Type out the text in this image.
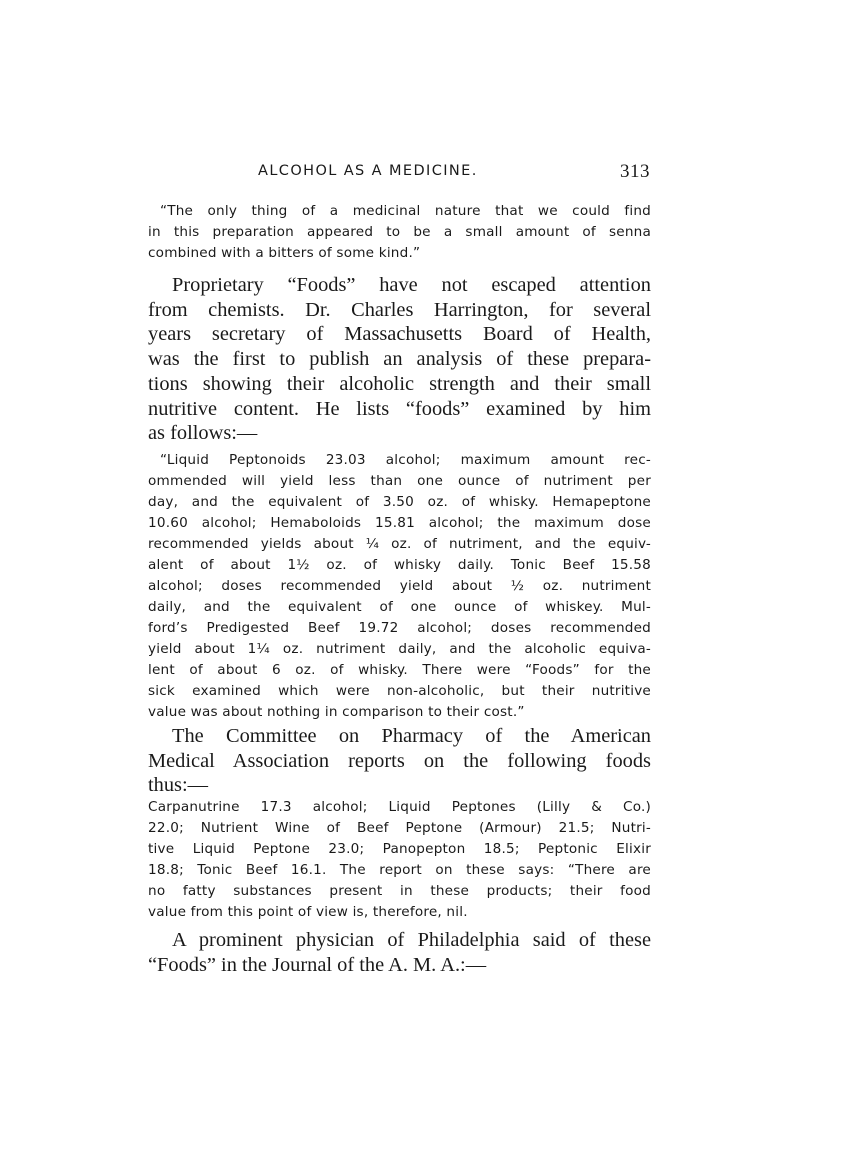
ALCOHOL AS A MEDICINE.	313

“The only thing of a medicinal nature that we could find
in this preparation appeared to be a small amount of senna
combined with a bitters of some kind.”

Proprietary “Foods” have not escaped attention
from chemists. Dr. Charles Harrington, for several
years secretary of Massachusetts Board of Health,
was the first to publish an analysis of these prepara-
tions showing their alcoholic strength and their small
nutritive content. He lists “foods” examined by him
as follows:—

“Liquid Peptonoids 23.03 alcohol; maximum amount rec-
ommended will yield less than one ounce of nutriment per
day, and the equivalent of 3.50 oz. of whisky. Hemapeptone
10.60 alcohol; Hemaboloids 15.81 alcohol; the maximum dose
recommended yields about ¼ oz. of nutriment, and the equiv-
alent of about 1½ oz. of whisky daily. Tonic Beef 15.58
alcohol; doses recommended yield about ½ oz. nutriment
daily, and the equivalent of one ounce of whiskey. Mul-
ford’s Predigested Beef 19.72 alcohol; doses recommended
yield about 1¼ oz. nutriment daily, and the alcoholic equiva-
lent of about 6 oz. of whisky. There were “Foods” for the
sick examined which were non-alcoholic, but their nutritive
value was about nothing in comparison to their cost.”

The Committee on Pharmacy of the American
Medical Association reports on the following foods
thus:—

Carpanutrine 17.3 alcohol; Liquid Peptones (Lilly & Co.)
22.0; Nutrient Wine of Beef Peptone (Armour) 21.5; Nutri-
tive Liquid Peptone 23.0; Panopepton 18.5; Peptonic Elixir
18.8; Tonic Beef 16.1. The report on these says: “There are
no fatty substances present in these products; their food
value from this point of view is, therefore, nil.

A prominent physician of Philadelphia said of these
“Foods” in the Journal of the A. M. A.:—
